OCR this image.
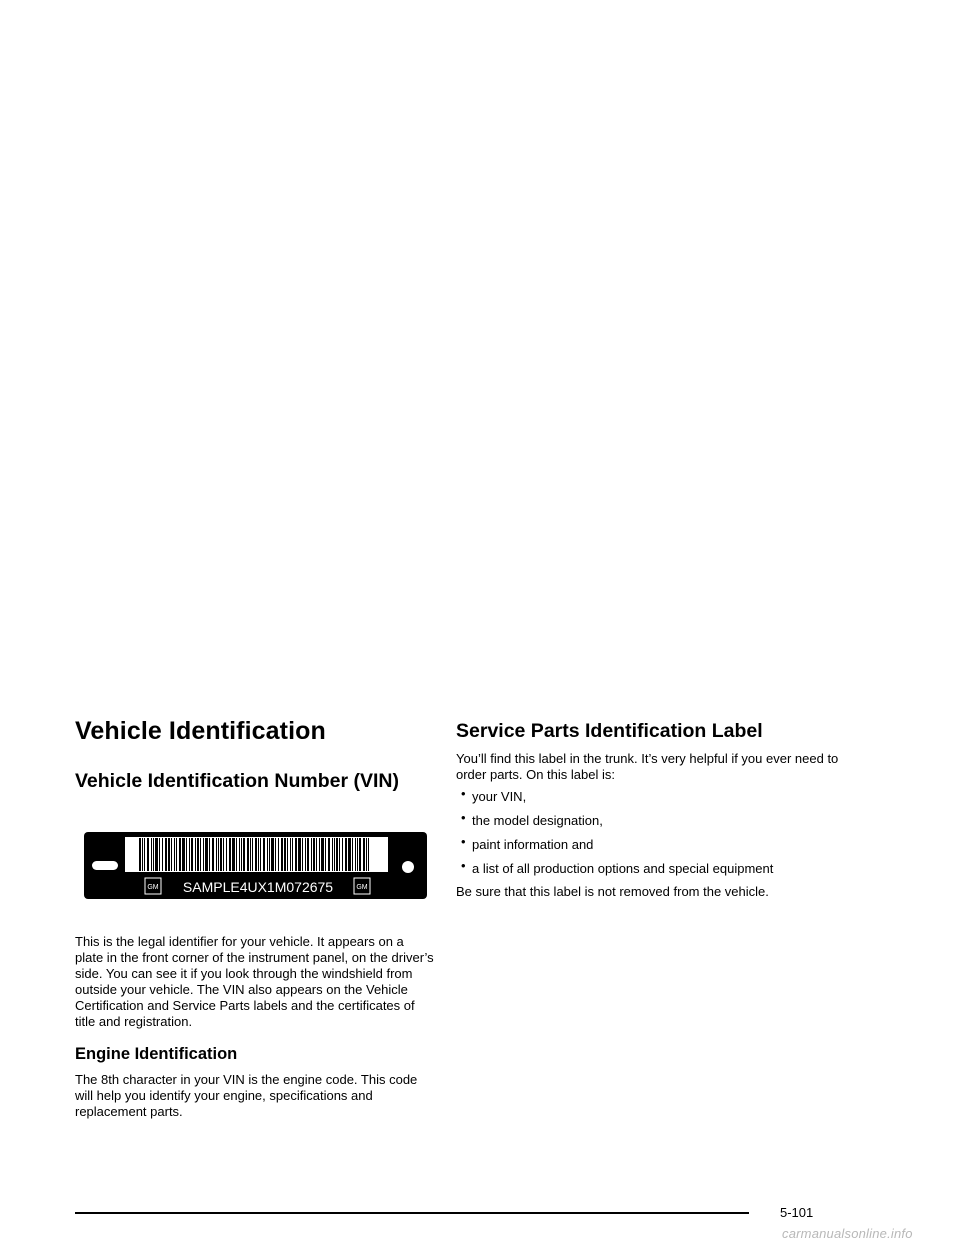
Vehicle Identification
Vehicle Identification Number (VIN)
GM	GM
SAMPLE4UX1M072675

This is the legal identifier for your vehicle. It appears on a plate in the front corner of the instrument panel, on the driver’s side. You can see it if you look through the windshield from outside your vehicle. The VIN also appears on the Vehicle Certification and Service Parts labels and the certificates of title and registration.

Engine Identification

The 8th character in your VIN is the engine code. This code will help you identify your engine, specifications and replacement parts.

Service Parts Identification Label

You’ll find this label in the trunk. It’s very helpful if you ever need to order parts. On this label is:

• your VIN,
• the model designation,
• paint information and
• a list of all production options and special equipment

Be sure that this label is not removed from the vehicle.

5-101
carmanualsonline.info
